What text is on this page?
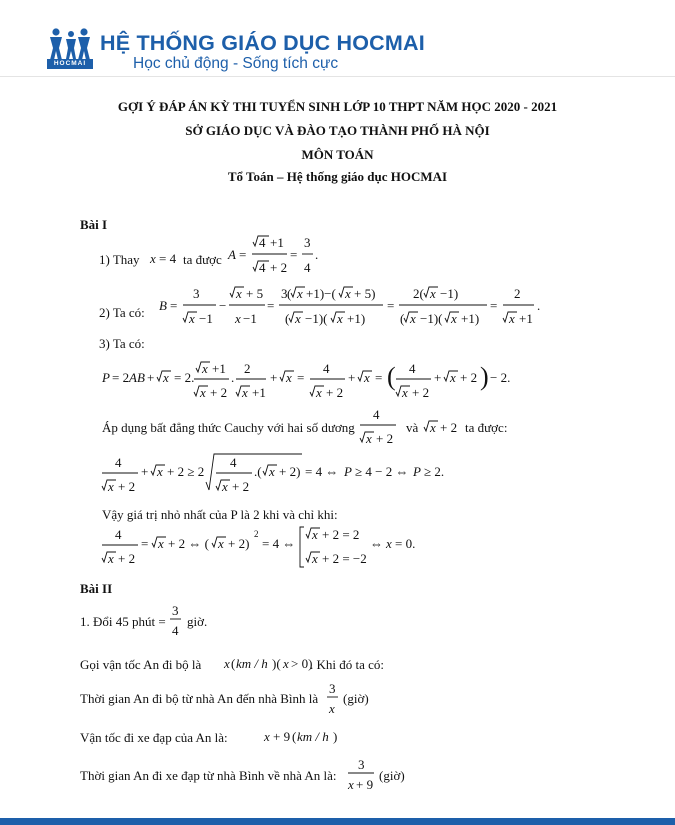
HOCMAI
HỆ THỐNG GIÁO DỤC HOCMAI
Học chủ động - Sống tích cực
GỢI Ý ĐÁP ÁN KỲ THI TUYỂN SINH LỚP 10 THPT NĂM HỌC 2020 - 2021
SỞ GIÁO DỤC VÀ ĐÀO TẠO THÀNH PHỐ HÀ NỘI
MÔN TOÁN
Tổ Toán – Hệ thống giáo dục HOCMAI
Bài I
1) Thay x = 4 ta được A =
4 +1
4 + 2
=
3
4
.
2) Ta có: B =
3
x −1
−
x + 5
x −1
=
3 ( x +1)−( x + 5)
( x −1)( x +1)
=
2( x −1)
( x −1)( x +1)
=
2
x +1
.
3) Ta có:
P = 2 AB + x = 2.
x +1
x + 2
.
2
x +1
+ x =
4
x + 2
+ x = ( 4
x + 2
+ x + 2 ) − 2.
Áp dụng bất đẳng thức Cauchy với hai số dương
4
x + 2
và x + 2 ta được:
4
x + 2
+ x + 2 ≥ 2
4
x + 2
.( x + 2) = 4 ⇔ P ≥ 4 − 2 ⇔ P ≥ 2.
Vậy giá trị nhỏ nhất của P là 2 khi và chỉ khi:
4
x + 2
= x + 2 ⇔ ( x + 2)
2
= 4 ⇔
x + 2 = 2
x + 2 = −2
⇔ x = 0.
Bài II
1. Đổi 45 phút =
3
4
giờ.
Gọi vận tốc An đi bộ là x ( km / h )( x > 0)
. Khi đó ta có:
Thời gian An đi bộ từ nhà An đến nhà Bình là
3
x
(giờ)
Vận tốc đi xe đạp của An là:	x + 9 ( km / h )
Thời gian An đi xe đạp từ nhà Bình về nhà An là:
3
x + 9
(giờ)
